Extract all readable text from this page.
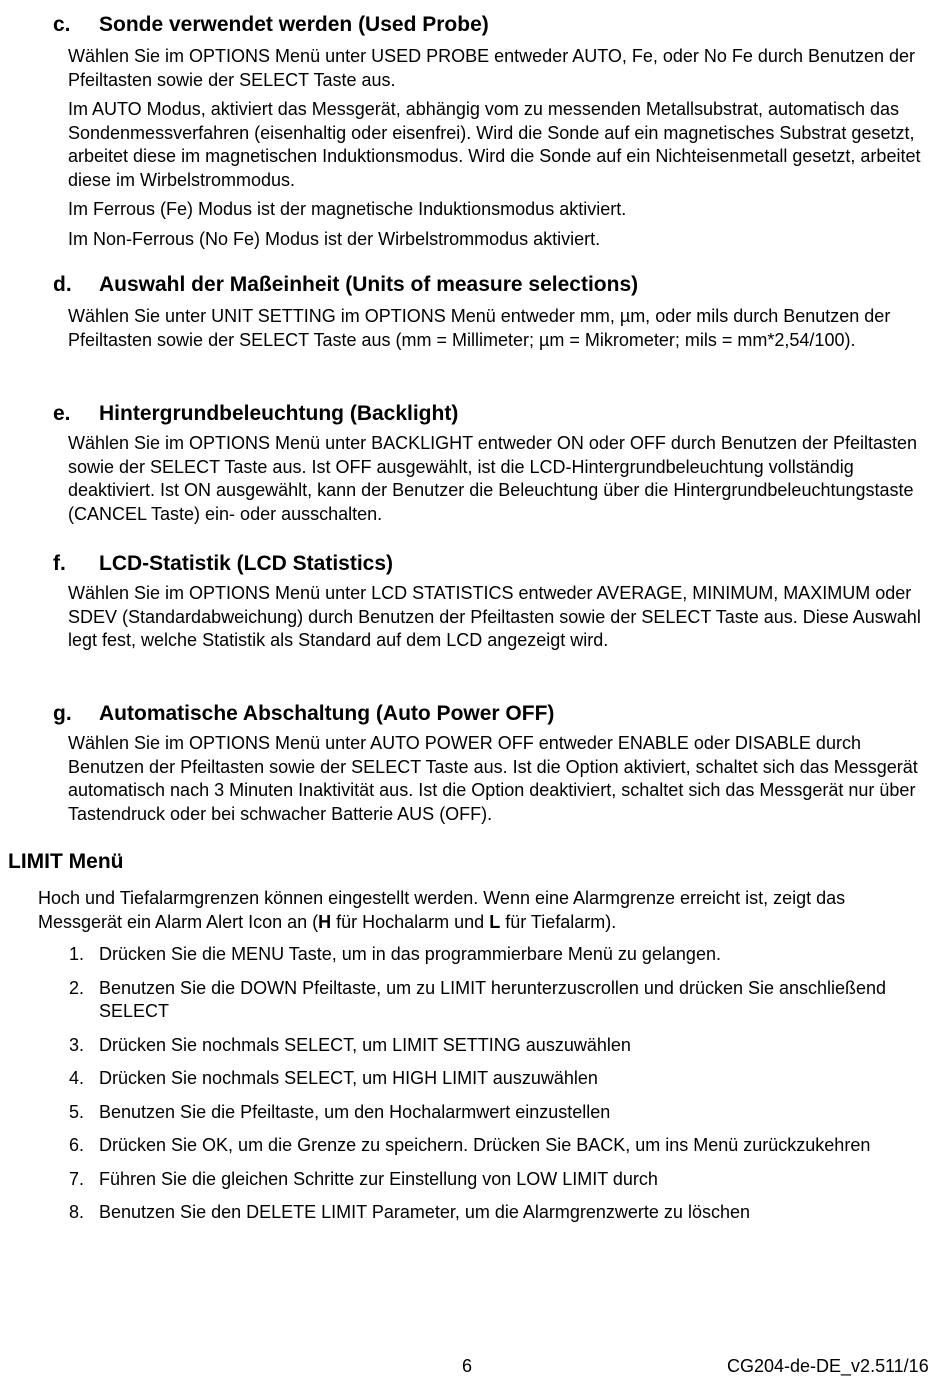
c. Sonde verwendet werden (Used Probe)

Wählen Sie im OPTIONS Menü unter USED PROBE entweder AUTO, Fe, oder No Fe durch Benutzen der Pfeiltasten sowie der SELECT Taste aus.

Im AUTO Modus, aktiviert das Messgerät, abhängig vom zu messenden Metallsubstrat, automatisch das Sondenmessverfahren (eisenhaltig oder eisenfrei). Wird die Sonde auf ein magnetisches Substrat gesetzt, arbeitet diese im magnetischen Induktionsmodus. Wird die Sonde auf ein Nichteisenmetall gesetzt, arbeitet diese im Wirbelstrommodus.

Im Ferrous (Fe) Modus ist der magnetische Induktionsmodus aktiviert.

Im Non-Ferrous (No Fe) Modus ist der Wirbelstrommodus aktiviert.

d. Auswahl der Maßeinheit (Units of measure selections)

Wählen Sie unter UNIT SETTING im OPTIONS Menü entweder mm, µm, oder mils durch Benutzen der Pfeiltasten sowie der SELECT Taste aus (mm = Millimeter; µm = Mikrometer; mils = mm*2,54/100).

e. Hintergrundbeleuchtung (Backlight)

Wählen Sie im OPTIONS Menü unter BACKLIGHT entweder ON oder OFF durch Benutzen der Pfeiltasten sowie der SELECT Taste aus. Ist OFF ausgewählt, ist die LCD-Hintergrundbeleuchtung vollständig deaktiviert. Ist ON ausgewählt, kann der Benutzer die Beleuchtung über die Hintergrundbeleuchtungstaste (CANCEL Taste) ein- oder ausschalten.

f. LCD-Statistik (LCD Statistics)

Wählen Sie im OPTIONS Menü unter LCD STATISTICS entweder AVERAGE, MINIMUM, MAXIMUM oder SDEV (Standardabweichung) durch Benutzen der Pfeiltasten sowie der SELECT Taste aus. Diese Auswahl legt fest, welche Statistik als Standard auf dem LCD angezeigt wird.

g. Automatische Abschaltung (Auto Power OFF)

Wählen Sie im OPTIONS Menü unter AUTO POWER OFF entweder ENABLE oder DISABLE durch Benutzen der Pfeiltasten sowie der SELECT Taste aus. Ist die Option aktiviert, schaltet sich das Messgerät automatisch nach 3 Minuten Inaktivität aus. Ist die Option deaktiviert, schaltet sich das Messgerät nur über Tastendruck oder bei schwacher Batterie AUS (OFF).

LIMIT Menü

Hoch und Tiefalarmgrenzen können eingestellt werden. Wenn eine Alarmgrenze erreicht ist, zeigt das Messgerät ein Alarm Alert Icon an (H für Hochalarm und L für Tiefalarm).

1. Drücken Sie die MENU Taste, um in das programmierbare Menü zu gelangen.
2. Benutzen Sie die DOWN Pfeiltaste, um zu LIMIT herunterzuscrollen und drücken Sie anschließend SELECT
3. Drücken Sie nochmals SELECT, um LIMIT SETTING auszuwählen
4. Drücken Sie nochmals SELECT, um HIGH LIMIT auszuwählen
5. Benutzen Sie die Pfeiltaste, um den Hochalarmwert einzustellen
6. Drücken Sie OK, um die Grenze zu speichern. Drücken Sie BACK, um ins Menü zurückzukehren
7. Führen Sie die gleichen Schritte zur Einstellung von LOW LIMIT durch
8. Benutzen Sie den DELETE LIMIT Parameter, um die Alarmgrenzwerte zu löschen
6	CG204-de-DE_v2.5 11/16
